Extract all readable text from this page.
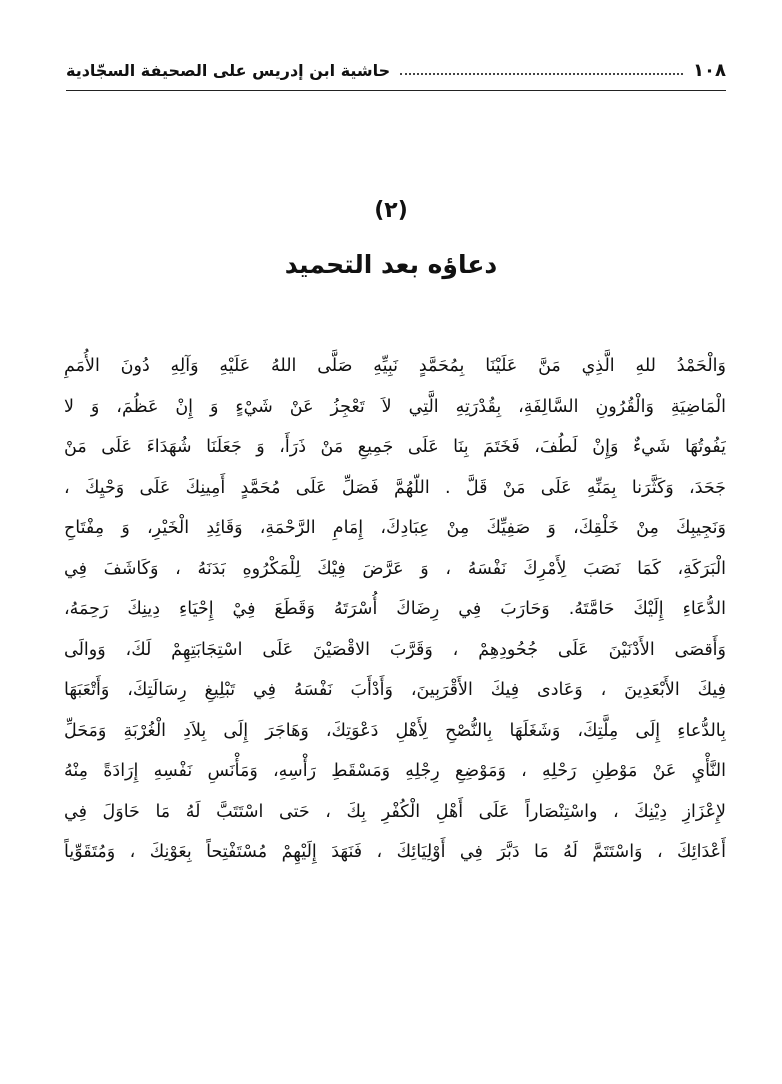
١٠٨
حاشية ابن إدريس على الصحيفة السجّادية
(٢)
دعاؤه بعد التحميد
وَالْحَمْدُ للهِ الَّذِي مَنَّ عَلَيْنَا بِمُحَمَّدٍ نَبِيِّهِ صَلَّى اللهُ عَلَيْهِ وَآلِهِ دُونَ الأُمَمِ
الْمَاضِيَةِ وَالْقُرُونِ السَّالِفَةِ، بِقُدْرَتِهِ الَّتِي لاَ تَعْجِزُ عَنْ شَيْءٍ وَ إِنْ عَظُمَ، وَ لا
يَفُوتُهَا شَيءٌ وَإِنْ لَطُفَ، فَخَتَمَ بِنَا عَلَى جَمِيعِ مَنْ ذَرَأَ، وَ جَعَلَنَا شُهَدَاءَ عَلَى مَنْ
جَحَدَ، وَكَثَّرَنا بِمَنِّهِ عَلَى مَنْ قَلَّ . اللّهُمَّ فَصَلِّ عَلَى مُحَمَّدٍ أَمِينِكَ عَلَى وَحْيِكَ ،
وَنَجِيبِكَ مِنْ خَلْقِكَ، وَ صَفِيِّكَ مِنْ عِبَادِكَ، إِمَامِ الرَّحْمَةِ، وَقَائِدِ الْخَيْرِ، وَ مِفْتَاحِ
الْبَرَكَةِ، كَمَا نَصَبَ لِأَمْرِكَ نَفْسَهُ ، وَ عَرَّضَ فِيْكَ لِلْمَكْرُوهِ بَدَنَهُ ، وَكَاشَفَ فِي
الدُّعَاءِ إِلَيْكَ حَامَّتَهُ. وَحَارَبَ فِي رِضَاكَ أُسْرَتَهُ وَقَطَعَ فِيْ إِحْيَاءِ دِينِكَ رَحِمَهُ،
وَأَقصَى الأَدْنَيْنَ عَلَى جُحُودِهِمْ ، وَقَرَّبَ الاقْصَيْنَ عَلَى اسْتِجَابَتِهِمْ لَكَ، وَوالَى
فِيكَ الأَبْعَدِينَ ، وَعَادى فِيكَ الأَقْرَبِينَ، وَأَدْأَبَ نَفْسَهُ فِي تَبْلِيغِ رِسَالَتِكَ، وَأَتْعَبَهَا
بِالدُّعاءِ إِلَى مِلَّتِكَ، وَشَغَلَهَا بِالنُّصْحِ لِأَهْلِ دَعْوَتِكَ، وَهَاجَرَ إِلَى بِلاَدِ الْغُرْبَةِ وَمَحَلِّ
النَّأْيِ عَنْ مَوْطِنِ رَحْلِهِ ، وَمَوْضِعِ رِجْلِهِ وَمَسْقَطِ رَأْسِهِ، وَمَأْنَسِ نَفْسِهِ إِرَادَةً مِنْهُ
لإِعْزَازِ دِيْنِكَ ، واسْتِنْصَاراً عَلَى أَهْلِ الْكُفْرِ بِكَ ، حَتى اسْتَتَبَّ لَهُ مَا حَاوَلَ فِي
أَعْدَائِكَ ، وَاسْتَتَمَّ لَهُ مَا دَبَّرَ فِي أَوْلِيَائِكَ ، فَنَهَدَ إِلَيْهِمْ مُسْتَفْتِحاً بِعَوْنِكَ ، وَمُتَقَوِّياً
